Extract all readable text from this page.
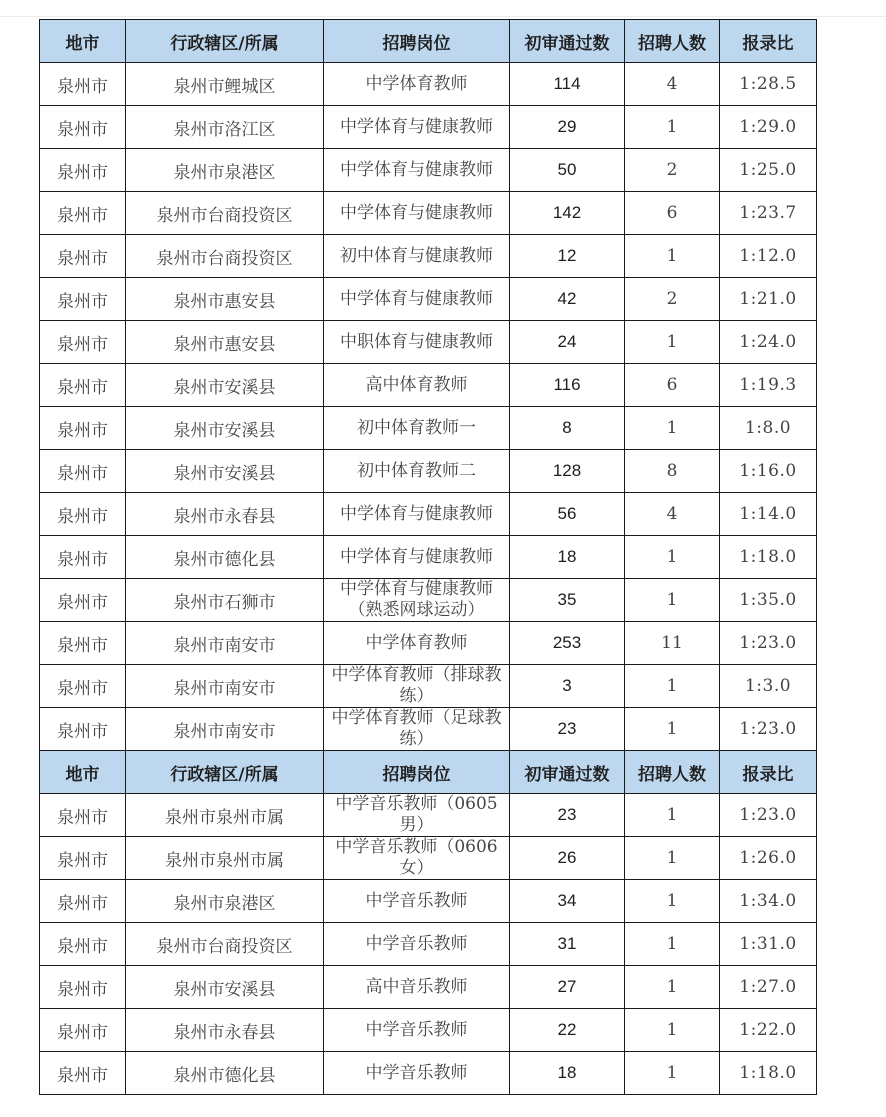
地市	行政辖区/所属	招聘岗位	初审通过数	招聘人数	报录比
泉州市	泉州市鲤城区	中学体育教师	114	4	1:28.5
泉州市	泉州市洛江区	中学体育与健康教师	29	1	1:29.0
泉州市	泉州市泉港区	中学体育与健康教师	50	2	1:25.0
泉州市	泉州市台商投资区	中学体育与健康教师	142	6	1:23.7
泉州市	泉州市台商投资区	初中体育与健康教师	12	1	1:12.0
泉州市	泉州市惠安县	中学体育与健康教师	42	2	1:21.0
泉州市	泉州市惠安县	中职体育与健康教师	24	1	1:24.0
泉州市	泉州市安溪县	高中体育教师	116	6	1:19.3
泉州市	泉州市安溪县	初中体育教师一	8	1	1:8.0
泉州市	泉州市安溪县	初中体育教师二	128	8	1:16.0
泉州市	泉州市永春县	中学体育与健康教师	56	4	1:14.0
泉州市	泉州市德化县	中学体育与健康教师	18	1	1:18.0
泉州市	泉州市石狮市	中学体育与健康教师（熟悉网球运动）	35	1	1:35.0
泉州市	泉州市南安市	中学体育教师	253	11	1:23.0
泉州市	泉州市南安市	中学体育教师（排球教练）	3	1	1:3.0
泉州市	泉州市南安市	中学体育教师（足球教练）	23	1	1:23.0
地市	行政辖区/所属	招聘岗位	初审通过数	招聘人数	报录比
泉州市	泉州市泉州市属	中学音乐教师（0605男）	23	1	1:23.0
泉州市	泉州市泉州市属	中学音乐教师（0606女）	26	1	1:26.0
泉州市	泉州市泉港区	中学音乐教师	34	1	1:34.0
泉州市	泉州市台商投资区	中学音乐教师	31	1	1:31.0
泉州市	泉州市安溪县	高中音乐教师	27	1	1:27.0
泉州市	泉州市永春县	中学音乐教师	22	1	1:22.0
泉州市	泉州市德化县	中学音乐教师	18	1	1:18.0
